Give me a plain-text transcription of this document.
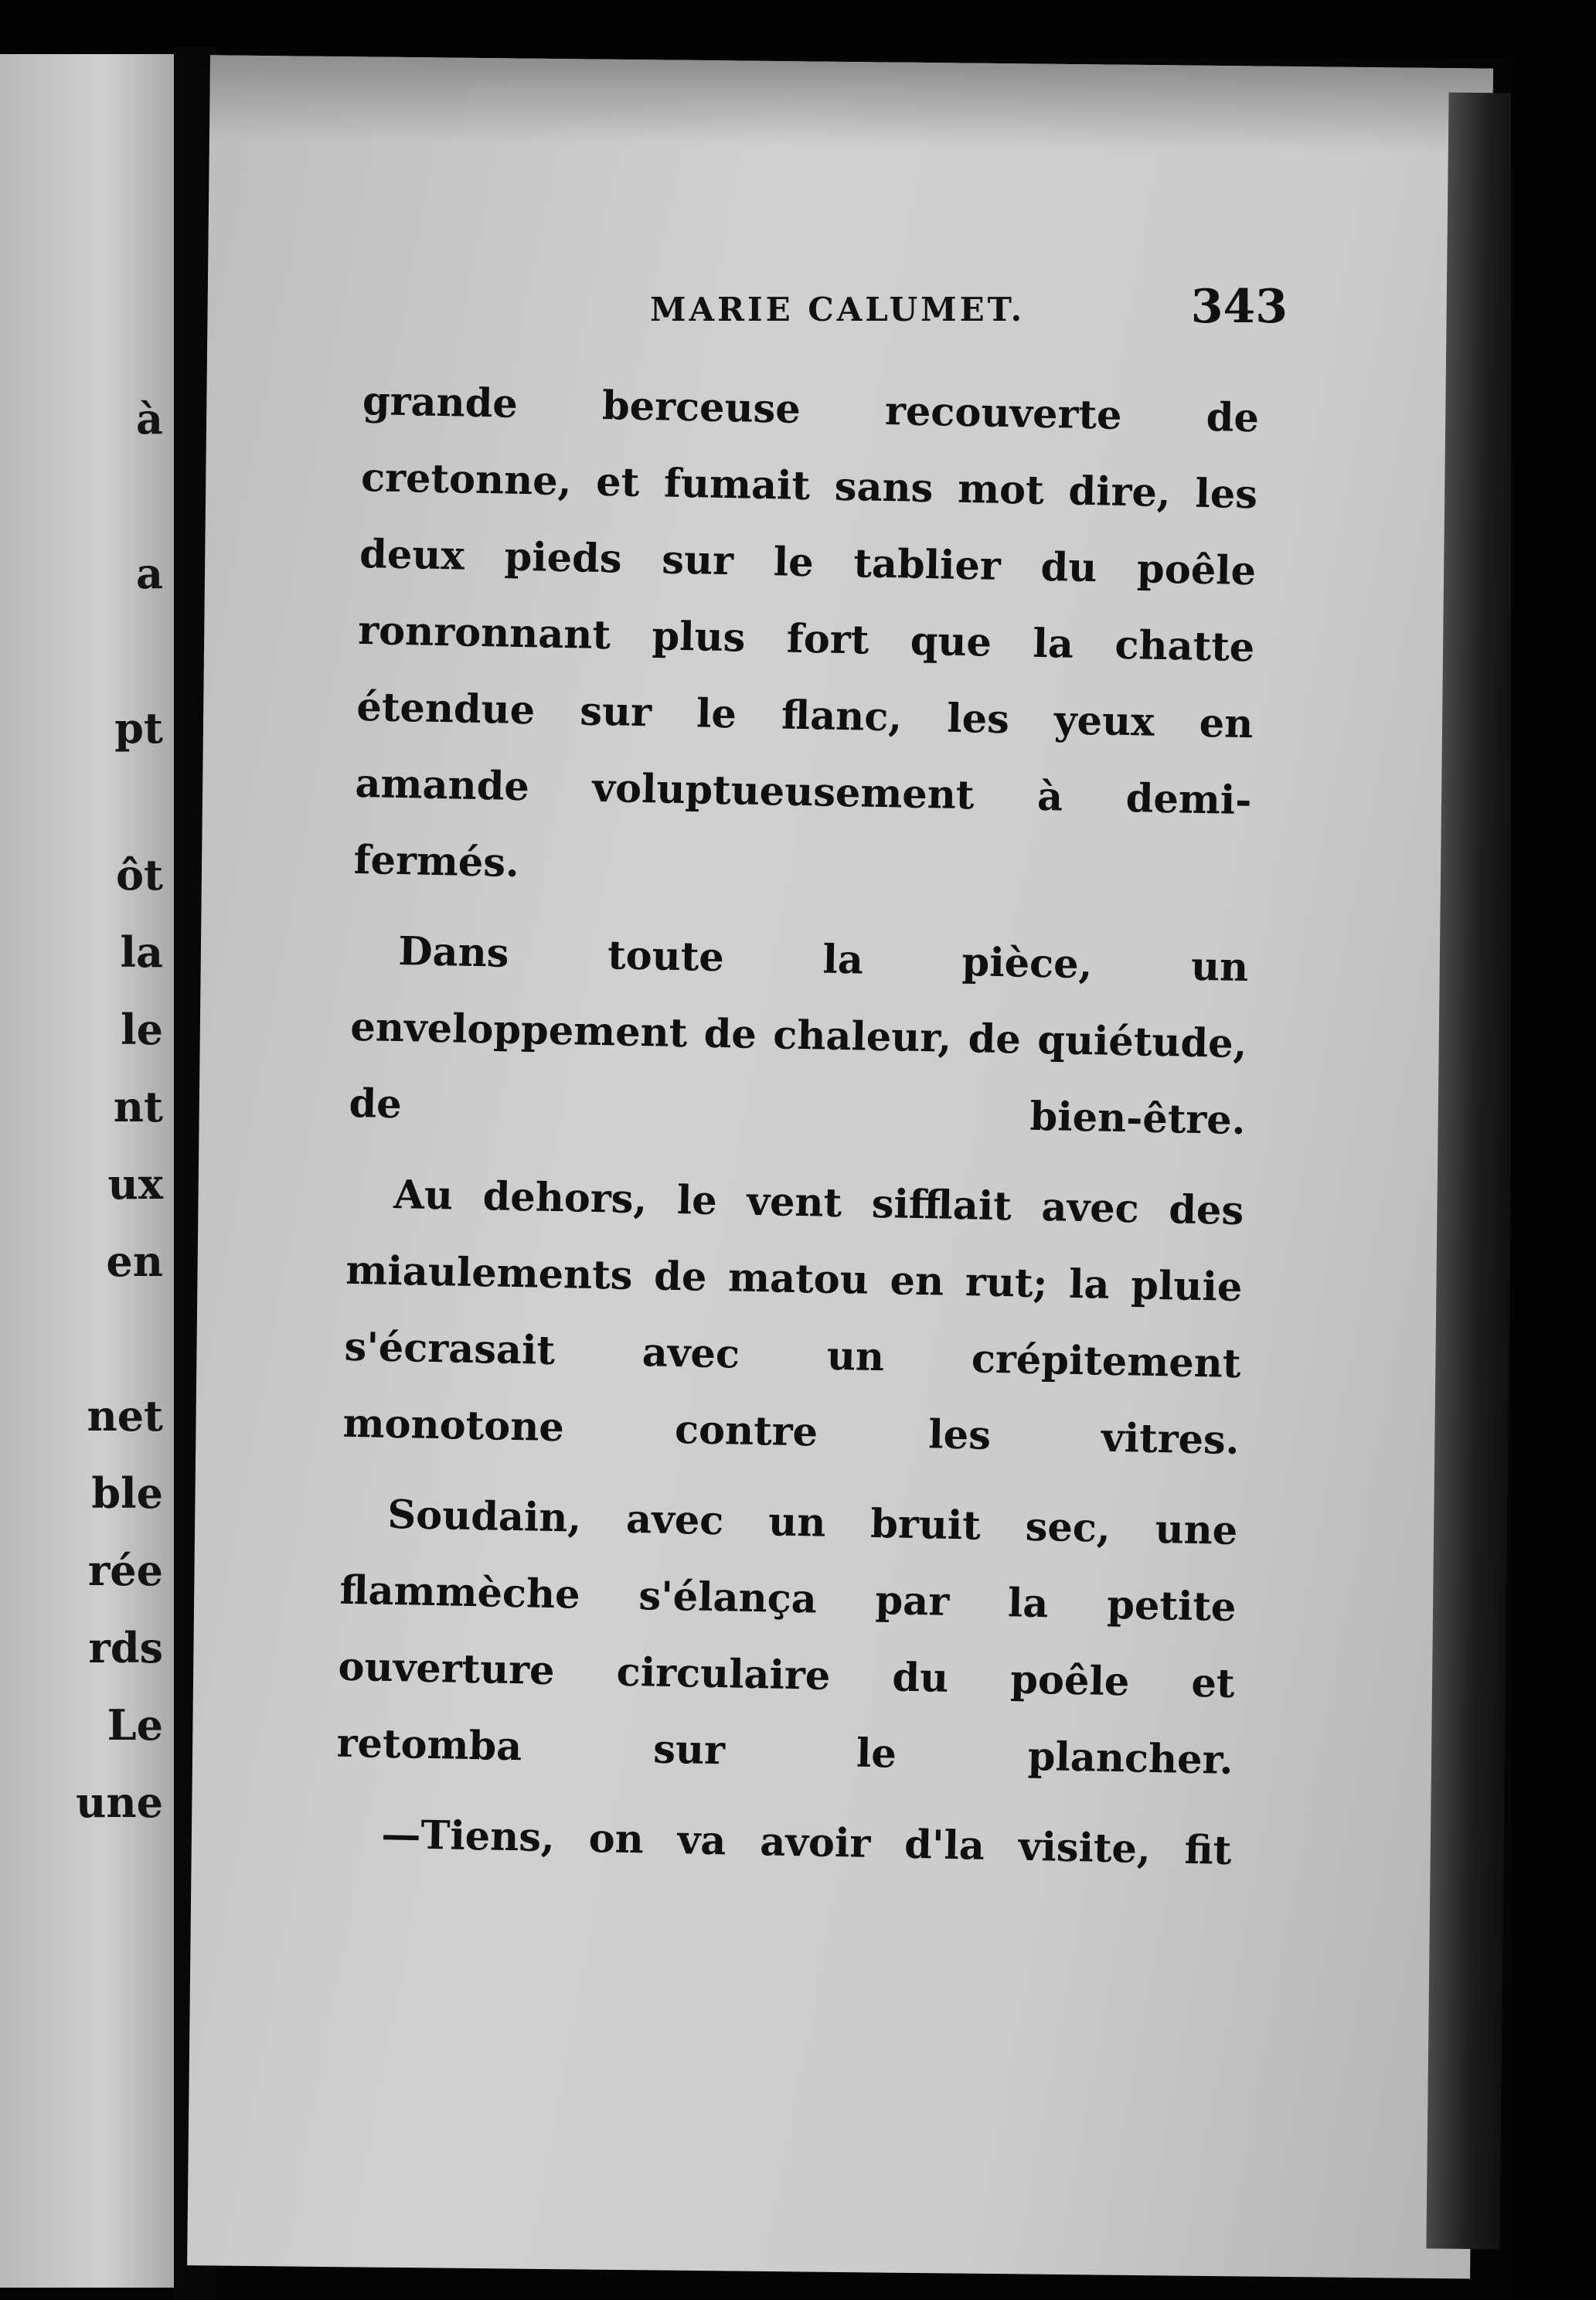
à
a
pt
ôt
la
le
nt
ux
en
net
ble
rée
rds
Le
une
MARIE CALUMET.	343

grande berceuse recouverte de cretonne, et fumait sans mot dire, les deux pieds sur le tablier du poêle ronronnant plus fort que la chatte étendue sur le flanc, les yeux en amande voluptueusement à demi-fermés.

Dans toute la pièce, un enveloppement de chaleur, de quiétude, de bien-être.

Au dehors, le vent sifflait avec des miaulements de matou en rut; la pluie s'écrasait avec un crépitement monotone contre les vitres.

Soudain, avec un bruit sec, une flammèche s'élança par la petite ouverture circulaire du poêle et retomba sur le plancher.

—Tiens, on va avoir d'la visite, fit
